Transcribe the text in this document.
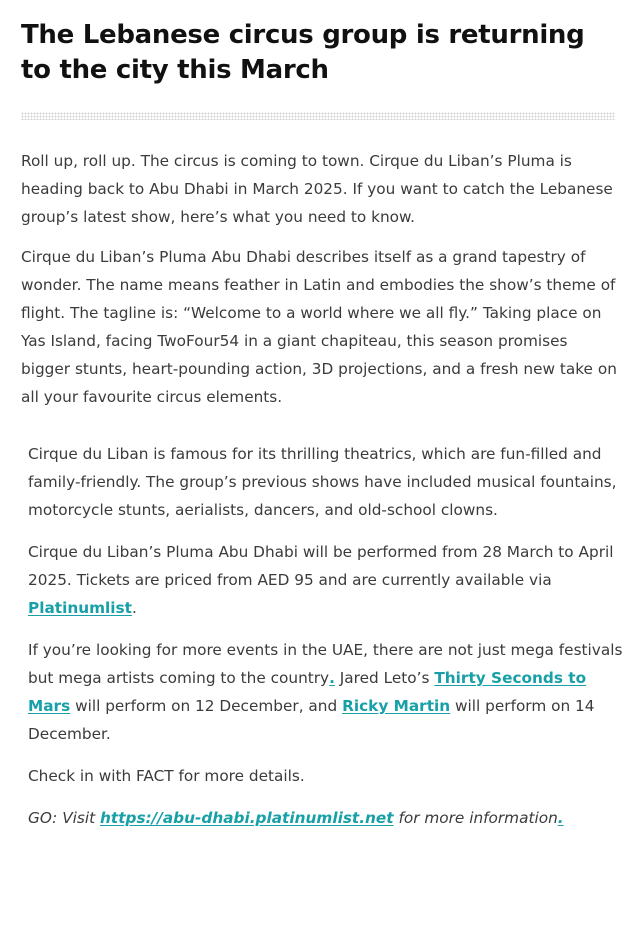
The Lebanese circus group is returning to the city this March

Roll up, roll up. The circus is coming to town. Cirque du Liban’s Pluma is heading back to Abu Dhabi in March 2025. If you want to catch the Lebanese group’s latest show, here’s what you need to know.

Cirque du Liban’s Pluma Abu Dhabi describes itself as a grand tapestry of wonder. The name means feather in Latin and embodies the show’s theme of flight. The tagline is: “Welcome to a world where we all fly.” Taking place on Yas Island, facing TwoFour54 in a giant chapiteau, this season promises bigger stunts, heart-pounding action, 3D projections, and a fresh new take on all your favourite circus elements.

Cirque du Liban is famous for its thrilling theatrics, which are fun-filled and family-friendly. The group’s previous shows have included musical fountains, motorcycle stunts, aerialists, dancers, and old-school clowns.

Cirque du Liban’s Pluma Abu Dhabi will be performed from 28 March to April 2025. Tickets are priced from AED 95 and are currently available via Platinumlist.

If you’re looking for more events in the UAE, there are not just mega festivals but mega artists coming to the country. Jared Leto’s Thirty Seconds to Mars will perform on 12 December, and Ricky Martin will perform on 14 December.

Check in with FACT for more details.

GO: Visit https://abu-dhabi.platinumlist.net for more information.
